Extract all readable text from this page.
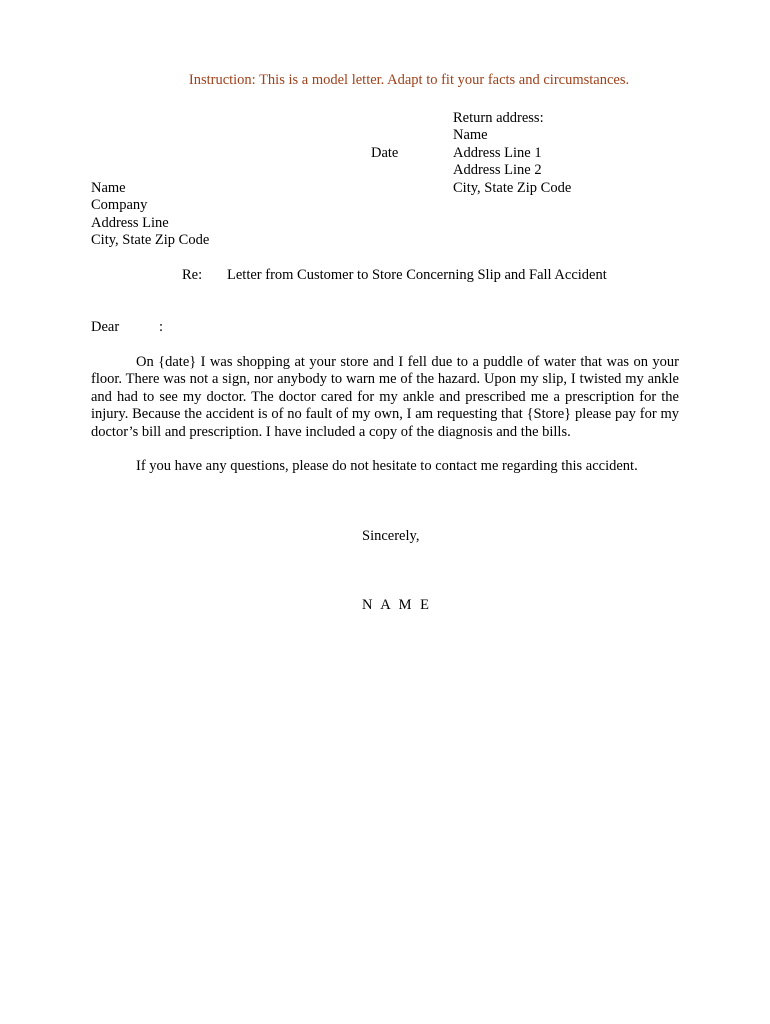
Instruction: This is a model letter. Adapt to fit your facts and circumstances.
Return address:
Name
Address Line 1
Address Line 2
City, State Zip Code
Date
Name
Company
Address Line
City, State Zip Code
Re: Letter from Customer to Store Concerning Slip and Fall Accident
Dear	:
On {date} I was shopping at your store and I fell due to a puddle of water that was on your floor. There was not a sign, nor anybody to warn me of the hazard. Upon my slip, I twisted my ankle and had to see my doctor. The doctor cared for my ankle and prescribed me a prescription for the injury. Because the accident is of no fault of my own, I am requesting that {Store} please pay for my doctor’s bill and prescription. I have included a copy of the diagnosis and the bills.
If you have any questions, please do not hesitate to contact me regarding this accident.
Sincerely,
N A M E
